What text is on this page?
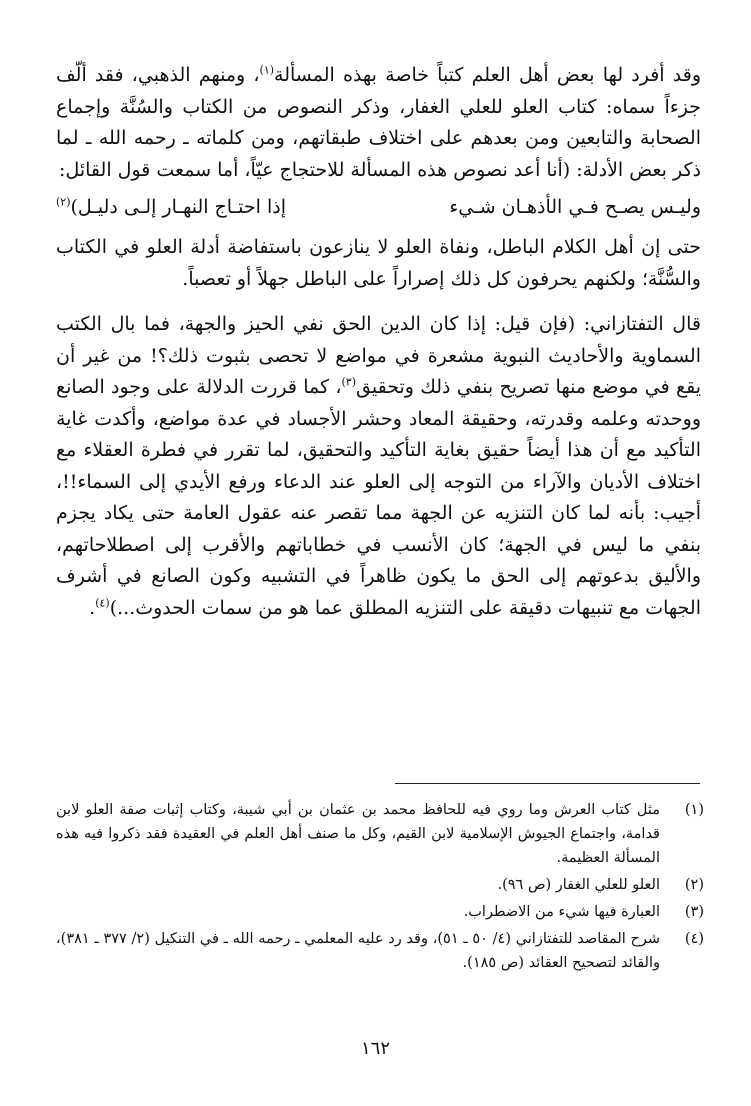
وقد أفرد لها بعض أهل العلم كتباً خاصة بهذه المسألة$^{(١)}$، ومنهم الذهبي، فقد ألّف جزءاً سماه: كتاب العلو للعلي الغفار، وذكر النصوص من الكتاب والسُنَّة وإجماع الصحابة والتابعين ومن بعدهم على اختلاف طبقاتهم، ومن كلماته ـ رحمه الله ـ لما ذكر بعض الأدلة: (أنا أعد نصوص هذه المسألة للاحتجاج عيّاً، أما سمعت قول القائل:

وليـس يصـح فـي الأذهـان شـيء
إذا احتـاج النهـار إلـى دليـل)$^{(٢)}$

حتى إن أهل الكلام الباطل، ونفاة العلو لا ينازعون باستفاضة أدلة العلو في الكتاب والسُّنَّة؛ ولكنهم يحرفون كل ذلك إصراراً على الباطل جهلاً أو تعصباً.

قال التفتازاني: (فإن قيل: إذا كان الدين الحق نفي الحيز والجهة، فما بال الكتب السماوية والأحاديث النبوية مشعرة في مواضع لا تحصى بثبوت ذلك؟! من غير أن يقع في موضع منها تصريح بنفي ذلك وتحقيق$^{(٣)}$، كما قررت الدلالة على وجود الصانع ووحدته وعلمه وقدرته، وحقيقة المعاد وحشر الأجساد في عدة مواضع، وأكدت غاية التأكيد مع أن هذا أيضاً حقيق بغاية التأكيد والتحقيق، لما تقرر في فطرة العقلاء مع اختلاف الأديان والآراء من التوجه إلى العلو عند الدعاء ورفع الأيدي إلى السماء!!، أجيب: بأنه لما كان التنزيه عن الجهة مما تقصر عنه عقول العامة حتى يكاد يجزم بنفي ما ليس في الجهة؛ كان الأنسب في خطاباتهم والأقرب إلى اصطلاحاتهم، والأليق بدعوتهم إلى الحق ما يكون ظاهراً في التشبيه وكون الصانع في أشرف الجهات مع تنبيهات دقيقة على التنزيه المطلق عما هو من سمات الحدوث...)$^{(٤)}$.

(١)
مثل كتاب العرش وما روي فيه للحافظ محمد بن عثمان بن أبي شيبة، وكتاب إثبات صفة العلو لابن قدامة، واجتماع الجيوش الإسلامية لابن القيم، وكل ما صنف أهل العلم في العقيدة فقد ذكروا فيه هذه المسألة العظيمة.
(٢)
العلو للعلي الغفار (ص ٩٦).
(٣)
العبارة فيها شيء من الاضطراب.
(٤)
شرح المقاصد للتفتازاني (٤/ ٥٠ ـ ٥١)، وقد رد عليه المعلمي ـ رحمه الله ـ في التنكيل (٢/ ٣٧٧ ـ ٣٨١)، والقائد لتصحيح العقائد (ص ١٨٥).
١٦٢
